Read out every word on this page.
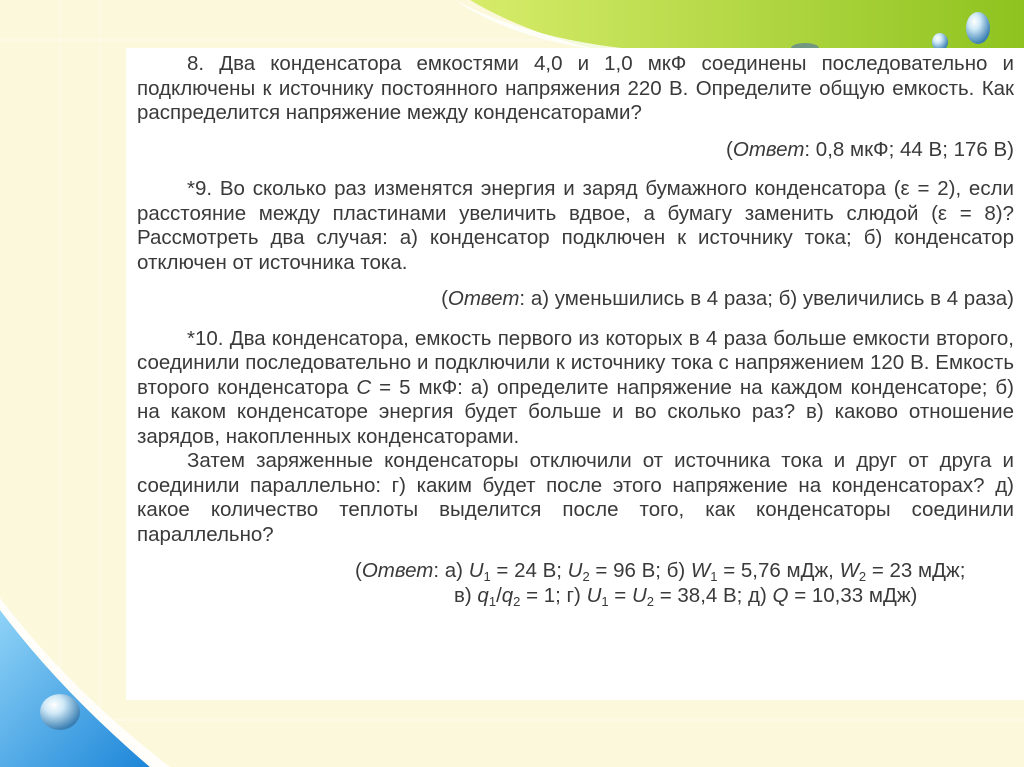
8. Два конденсатора емкостями 4,0 и 1,0 мкФ соединены последовательно и подключены к источнику постоянного напряжения 220 В. Определите общую емкость. Как распределится напряжение между конденсаторами?

(Ответ: 0,8 мкФ; 44 В; 176 В)

*9. Во сколько раз изменятся энергия и заряд бумажного конденсатора (ε = 2), если расстояние между пластинами увеличить вдвое, а бумагу заменить слюдой (ε = 8)? Рассмотреть два случая: а) конденсатор подключен к источнику тока; б) конденсатор отключен от источника тока.

(Ответ: а) уменьшились в 4 раза; б) увеличились в 4 раза)

*10. Два конденсатора, емкость первого из которых в 4 раза больше емкости второго, соединили последовательно и подключили к источнику тока с напряжением 120 В. Емкость второго конденсатора C = 5 мкФ: а) определите напряжение на каждом конденсаторе; б) на каком конденсаторе энергия будет больше и во сколько раз? в) каково отношение зарядов, накопленных конденсаторами.

Затем заряженные конденсаторы отключили от источника тока и друг от друга и соединили параллельно: г) каким будет после этого напряжение на конденсаторах? д) какое количество теплоты выделится после того, как конденсаторы соединили параллельно?

(Ответ: а) $U_1 = 24$ В; $U_2 = 96$ В; б) $W_1 = 5,76$ мДж, $W_2 = 23$ мДж;
в) $q_1/q_2 = 1$; г) $U_1 = U_2 = 38,4$ В; д) Q = 10,33 мДж)
